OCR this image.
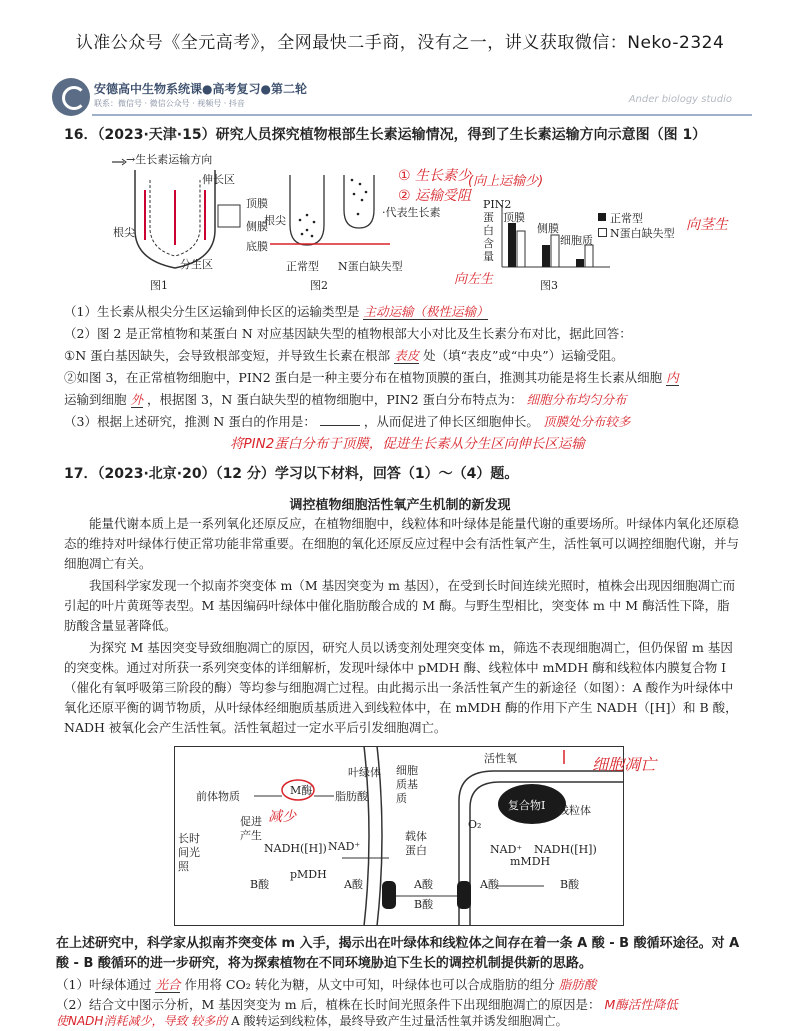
认准公众号《全元高考》，全网最快二手商，没有之一，讲义获取微信：Neko-2324
安德高中生物系统课●高考复习●第二轮
联系：微信号 · 微信公众号 · 视频号 · 抖音	Ander biology studio
16．（2023·天津·15）研究人员探究植物根部生长素运输情况，得到了生长素运输方向示意图（图 1）
→生长素运输方向
伸长区
顶膜
侧膜
底膜
根尖
分生区
图1
根尖
正常型 N蛋白缺失型
·代表生长素
图2
PIN2蛋白含量
顶膜
侧膜
细胞质
正常型
N蛋白缺失型
图3
① 生长素少
② 运输受阻
(向上运输少)
向茎生
向左生
（1）生长素从根尖分生区运输到伸长区的运输类型是 主动运输（极性运输）
（2）图 2 是正常植物和某蛋白 N 对应基因缺失型的植物根部大小对比及生长素分布对比，据此回答：
①N 蛋白基因缺失，会导致根部变短，并导致生长素在根部 表皮 处（填“表皮”或“中央”）运输受阻。
②如图 3，在正常植物细胞中，PIN2 蛋白是一种主要分布在植物顶膜的蛋白，推测其功能是将生长素从细胞 内
运输到细胞 外 ，根据图 3，N 蛋白缺失型的植物细胞中，PIN2 蛋白分布特点为： 细胞分布均匀分布
（3）根据上述研究，推测 N 蛋白的作用是：	，从而促进了伸长区细胞伸长。 顶膜处分布较多
将PIN2蛋白分布于顶膜，促进生长素从分生区向伸长区运输
17．（2023·北京·20）（12 分）学习以下材料，回答（1）～（4）题。
调控植物细胞活性氧产生机制的新发现
能量代谢本质上是一系列氧化还原反应，在植物细胞中，线粒体和叶绿体是能量代谢的重要场所。叶绿体内氧化还原稳态的维持对叶绿体行使正常功能非常重要。在细胞的氧化还原反应过程中会有活性氧产生，活性氧可以调控细胞代谢，并与细胞凋亡有关。
我国科学家发现一个拟南芥突变体 m（M 基因突变为 m 基因），在受到长时间连续光照时，植株会出现因细胞凋亡而引起的叶片黄斑等表型。M 基因编码叶绿体中催化脂肪酸合成的 M 酶。与野生型相比，突变体 m 中 M 酶活性下降，脂肪酸含量显著降低。
为探究 M 基因突变导致细胞凋亡的原因，研究人员以诱变剂处理突变体 m，筛选不表现细胞凋亡，但仍保留 m 基因的突变株。通过对所获一系列突变体的详细解析，发现叶绿体中 pMDH 酶、线粒体中 mMDH 酶和线粒体内膜复合物 I（催化有氧呼吸第三阶段的酶）等均参与细胞凋亡过程。由此揭示出一条活性氧产生的新途径（如图）：A 酸作为叶绿体中氧化还原平衡的调节物质，从叶绿体经细胞质基质进入到线粒体中，在 mMDH 酶的作用下产生 NADH（[H]）和 B 酸，NADH 被氧化会产生活性氧。活性氧超过一定水平后引发细胞凋亡。
叶绿体 细胞质基质
活性氧
复合物Ⅰ 线粒体
前体物质	M酶 脂肪酸
促进产生
长时间光照
NADH([H]) NAD⁺
pMDH
mMDH
NAD⁺ NADH([H])
O₂
载体蛋白
A酸	A酸	A酸
B酸
B酸
B酸
减少
细胞凋亡
在上述研究中，科学家从拟南芥突变体 m 入手，揭示出在叶绿体和线粒体之间存在着一条 A 酸 - B 酸循环途径。对 A 酸 - B 酸循环的进一步研究，将为探索植物在不同环境胁迫下生长的调控机制提供新的思路。
（1）叶绿体通过 光合 作用将 CO₂ 转化为糖，从文中可知，叶绿体也可以合成脂肪的组分 脂肪酸
（2）结合文中图示分析，M 基因突变为 m 后，植株在长时间光照条件下出现细胞凋亡的原因是： M酶活性降低
使NADH消耗减少，导致 较多的 A 酸转运到线粒体，最终导致产生过量活性氧并诱发细胞凋亡。
